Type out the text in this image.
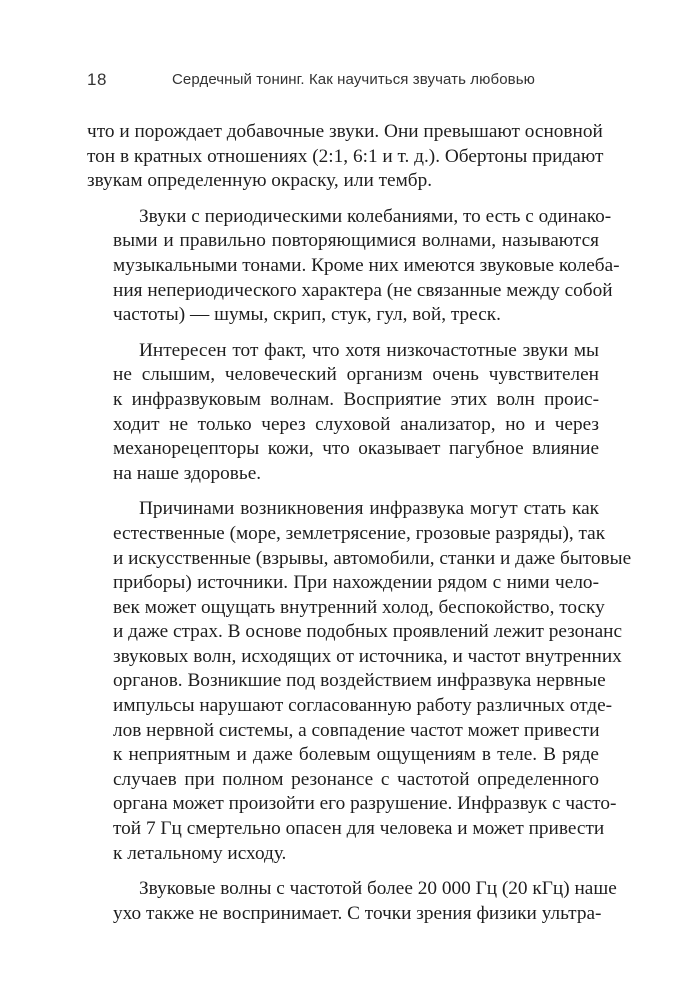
18	Сердечный тонинг. Как научиться звучать любовью
что и порождает добавочные звуки. Они превышают основной
тон в кратных отношениях (2:1, 6:1 и т. д.). Обертоны придают
звукам определенную окраску, или тембр.
Звуки с периодическими колебаниями, то есть с одинако-
выми и правильно повторяющимися волнами, называются
музыкальными тонами. Кроме них имеются звуковые колеба-
ния непериодического характера (не связанные между собой
частоты) — шумы, скрип, стук, гул, вой, треск.
Интересен тот факт, что хотя низкочастотные звуки мы
не слышим, человеческий организм очень чувствителен
к инфразвуковым волнам. Восприятие этих волн проис-
ходит не только через слуховой анализатор, но и через
механорецепторы кожи, что оказывает пагубное влияние
на наше здоровье.
Причинами возникновения инфразвука могут стать как
естественные (море, землетрясение, грозовые разряды), так
и искусственные (взрывы, автомобили, станки и даже бытовые
приборы) источники. При нахождении рядом с ними чело-
век может ощущать внутренний холод, беспокойство, тоску
и даже страх. В основе подобных проявлений лежит резонанс
звуковых волн, исходящих от источника, и частот внутренних
органов. Возникшие под воздействием инфразвука нервные
импульсы нарушают согласованную работу различных отде-
лов нервной системы, а совпадение частот может привести
к неприятным и даже болевым ощущениям в теле. В ряде
случаев при полном резонансе с частотой определенного
органа может произойти его разрушение. Инфразвук с часто-
той 7 Гц смертельно опасен для человека и может привести
к летальному исходу.
Звуковые волны с частотой более 20 000 Гц (20 кГц) наше
ухо также не воспринимает. С точки зрения физики ультра-
